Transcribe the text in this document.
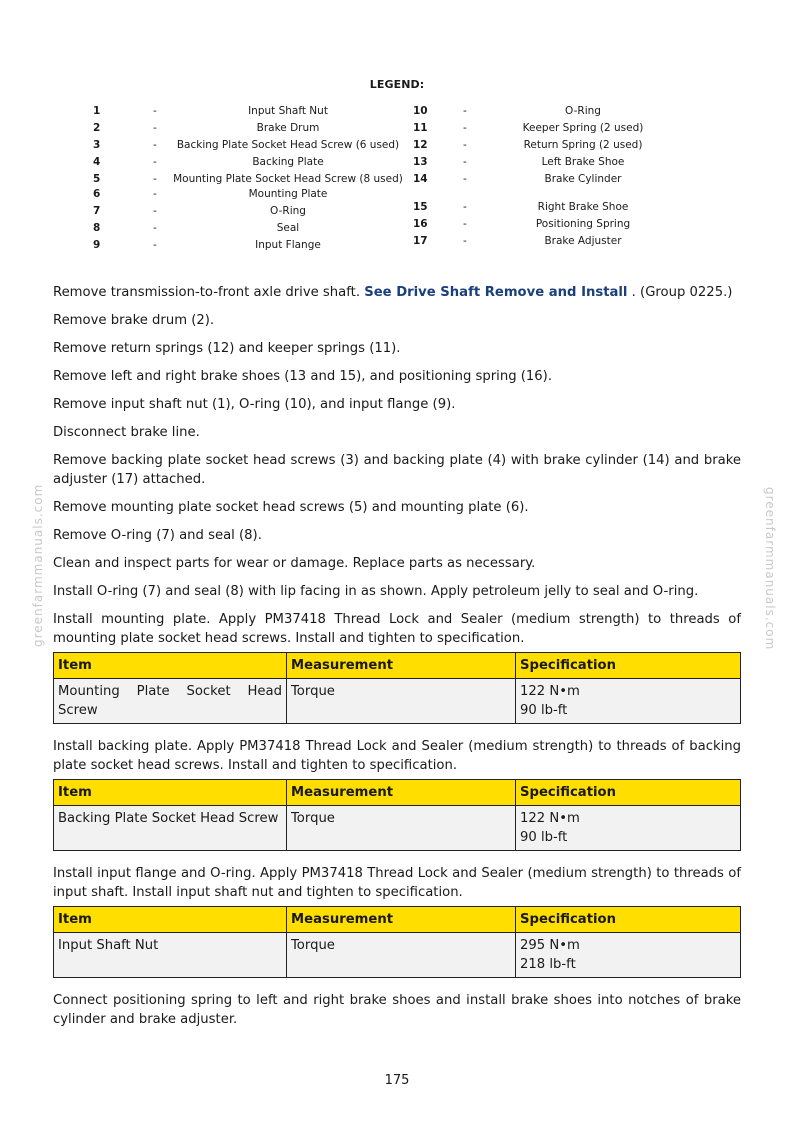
greenfarmmanuals.com	greenfarmmanuals.com
LEGEND:
1	-	Input Shaft Nut
2	-	Brake Drum
3	-	Backing Plate Socket Head Screw (6 used)
4	-	Backing Plate
5	-	Mounting Plate Socket Head Screw (8 used)
6	-	Mounting Plate
7	-	O-Ring
8	-	Seal
9	-	Input Flange
10	-	O-Ring
11	-	Keeper Spring (2 used)
12	-	Return Spring (2 used)
13	-	Left Brake Shoe
14	-	Brake Cylinder
15	-	Right Brake Shoe
16	-	Positioning Spring
17	-	Brake Adjuster

Remove transmission-to-front axle drive shaft. See Drive Shaft Remove and Install . (Group 0225.)

Remove brake drum (2).

Remove return springs (12) and keeper springs (11).

Remove left and right brake shoes (13 and 15), and positioning spring (16).

Remove input shaft nut (1), O-ring (10), and input flange (9).

Disconnect brake line.

Remove backing plate socket head screws (3) and backing plate (4) with brake cylinder (14) and brake adjuster (17) attached.

Remove mounting plate socket head screws (5) and mounting plate (6).

Remove O-ring (7) and seal (8).

Clean and inspect parts for wear or damage. Replace parts as necessary.

Install O-ring (7) and seal (8) with lip facing in as shown. Apply petroleum jelly to seal and O-ring.

Install mounting plate. Apply PM37418 Thread Lock and Sealer (medium strength) to threads of mounting plate socket head screws. Install and tighten to specification.

Item	Measurement	Specification
Mounting Plate Socket Head Screw	Torque	122 N•m
90 lb-ft

Install backing plate. Apply PM37418 Thread Lock and Sealer (medium strength) to threads of backing plate socket head screws. Install and tighten to specification.

Item	Measurement	Specification
Backing Plate Socket Head Screw	Torque	122 N•m
90 lb-ft

Install input flange and O-ring. Apply PM37418 Thread Lock and Sealer (medium strength) to threads of input shaft. Install input shaft nut and tighten to specification.

Item	Measurement	Specification
Input Shaft Nut	Torque	295 N•m
218 lb-ft

Connect positioning spring to left and right brake shoes and install brake shoes into notches of brake cylinder and brake adjuster.

175
